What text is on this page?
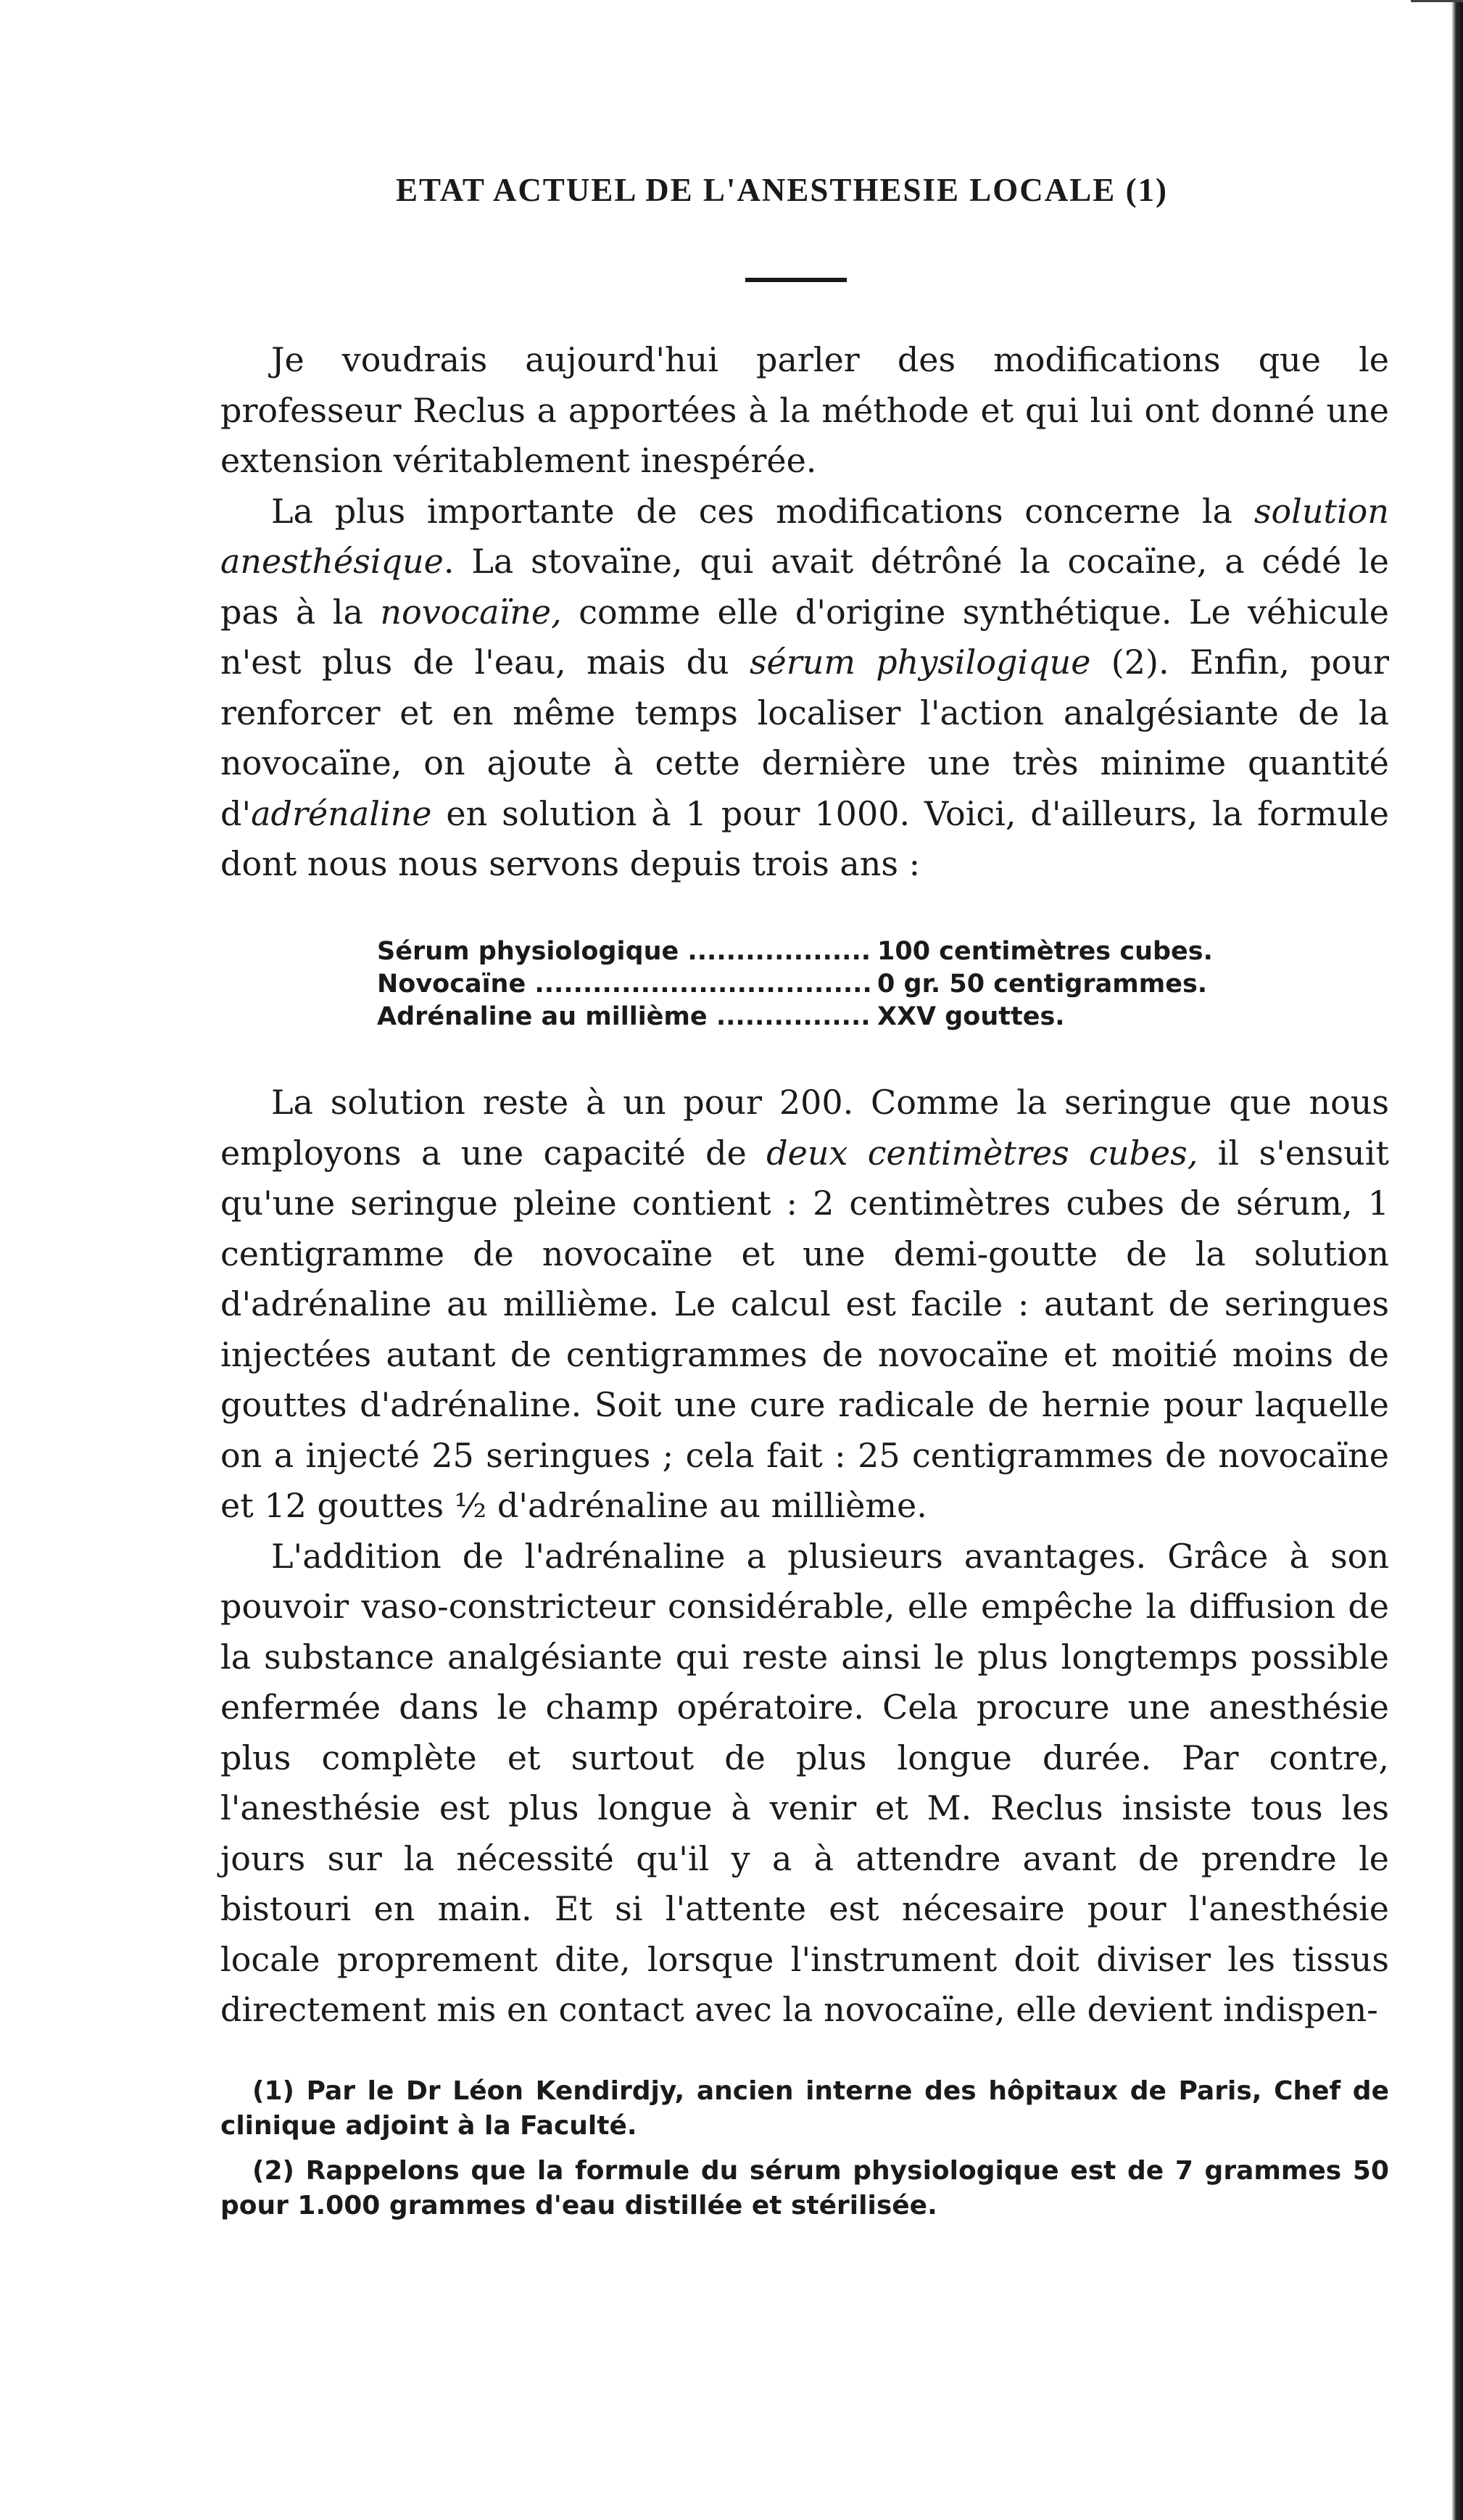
ETAT ACTUEL DE L'ANESTHESIE LOCALE (1)

Je voudrais aujourd'hui parler des modifications que le professeur Reclus a apportées à la méthode et qui lui ont donné une extension véritablement inespérée.

La plus importante de ces modifications concerne la solution anesthésique. La stovaïne, qui avait détrôné la cocaïne, a cédé le pas à la novocaïne, comme elle d'origine synthétique. Le véhicule n'est plus de l'eau, mais du sérum physilogique (2). Enfin, pour renforcer et en même temps localiser l'action analgésiante de la novocaïne, on ajoute à cette dernière une très minime quantité d'adrénaline en solution à 1 pour 1000. Voici, d'ailleurs, la formule dont nous nous servons depuis trois ans :

Sérum physiologique .....	100 centimètres cubes.
Novocaïne .....	0 gr. 50 centigrammes.
Adrénaline au millième .....	XXV gouttes.

La solution reste à un pour 200. Comme la seringue que nous employons a une capacité de deux centimètres cubes, il s'ensuit qu'une seringue pleine contient : 2 centimètres cubes de sérum, 1 centigramme de novocaïne et une demi-goutte de la solution d'adrénaline au millième. Le calcul est facile : autant de seringues injectées autant de centigrammes de novocaïne et moitié moins de gouttes d'adrénaline. Soit une cure radicale de hernie pour laquelle on a injecté 25 seringues ; cela fait : 25 centigrammes de novocaïne et 12 gouttes ½ d'adrénaline au millième.

L'addition de l'adrénaline a plusieurs avantages. Grâce à son pouvoir vaso-constricteur considérable, elle empêche la diffusion de la substance analgésiante qui reste ainsi le plus longtemps possible enfermée dans le champ opératoire. Cela procure une anesthésie plus complète et surtout de plus longue durée. Par contre, l'anesthésie est plus longue à venir et M. Reclus insiste tous les jours sur la nécessité qu'il y a à attendre avant de prendre le bistouri en main. Et si l'attente est nécesaire pour l'anesthésie locale proprement dite, lorsque l'instrument doit diviser les tissus directement mis en contact avec la novocaïne, elle devient indispen-

(1) Par le Dr Léon Kendirdjy, ancien interne des hôpitaux de Paris, Chef de clinique adjoint à la Faculté.

(2) Rappelons que la formule du sérum physiologique est de 7 grammes 50 pour 1.000 grammes d'eau distillée et stérilisée.
